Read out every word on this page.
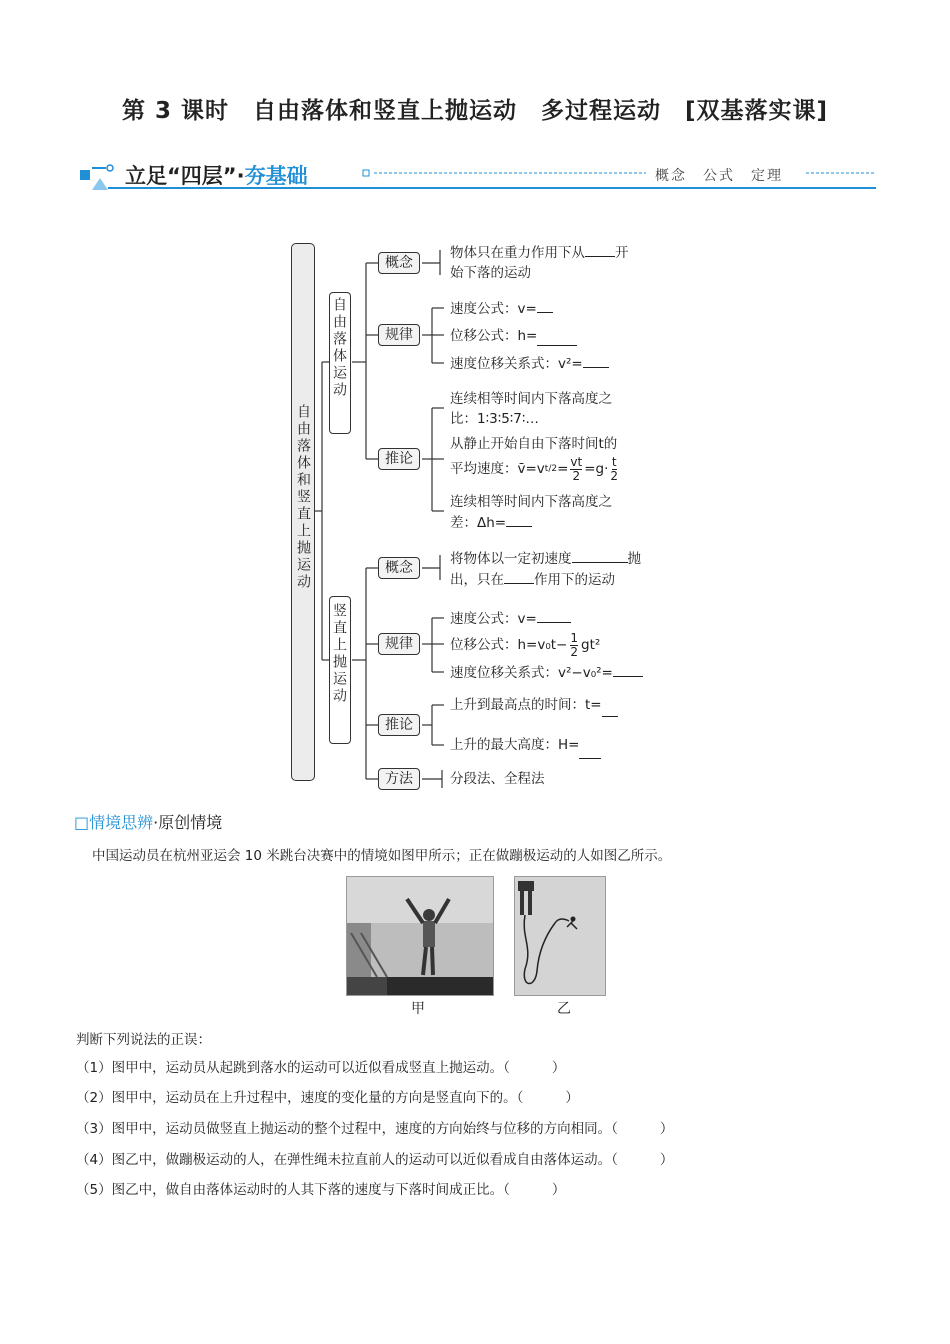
第 3 课时　自由落体和竖直上抛运动　多过程运动　[双基落实课]
立足“四层”·夯基础	概念　公式　定理
自由落体和竖直上抛运动
自由落体运动
竖直上抛运动
概念
规律
推论
物体只在重力作用下从 开
始下落的运动
速度公式：v=
位移公式：h=
速度位移关系式：v²=
连续相等时间内下落高度之
比：1∶3∶5∶7∶…
从静止开始自由下落时间t的
平均速度：v̄=v $t/2 = \frac{vt}{2} =g\cdot t$
2
连续相等时间内下落高度之
差：Δh=
概念
规律
推论
方法
将物体以一定初速度	抛
出，只在 作用下的运动
速度公式：v=
位移公式：$h=v_0t- \frac{1}{2} gt^2$
速度位移关系式：v²−v₀²=
上升到最高点的时间：t=
上升的最大高度：H=
分段法、全程法
□情境思辨·原创情境
中国运动员在杭州亚运会 10 米跳台决赛中的情境如图甲所示；正在做蹦极运动的人如图乙所示。
甲	乙
判断下列说法的正误：
（1）图甲中，运动员从起跳到落水的运动可以近似看成竖直上抛运动。（	）
（2）图甲中，运动员在上升过程中，速度的变化量的方向是竖直向下的。（	）
（3）图甲中，运动员做竖直上抛运动的整个过程中，速度的方向始终与位移的方向相同。（	）
（4）图乙中，做蹦极运动的人，在弹性绳未拉直前人的运动可以近似看成自由落体运动。（	）
（5）图乙中，做自由落体运动时的人其下落的速度与下落时间成正比。（	）
